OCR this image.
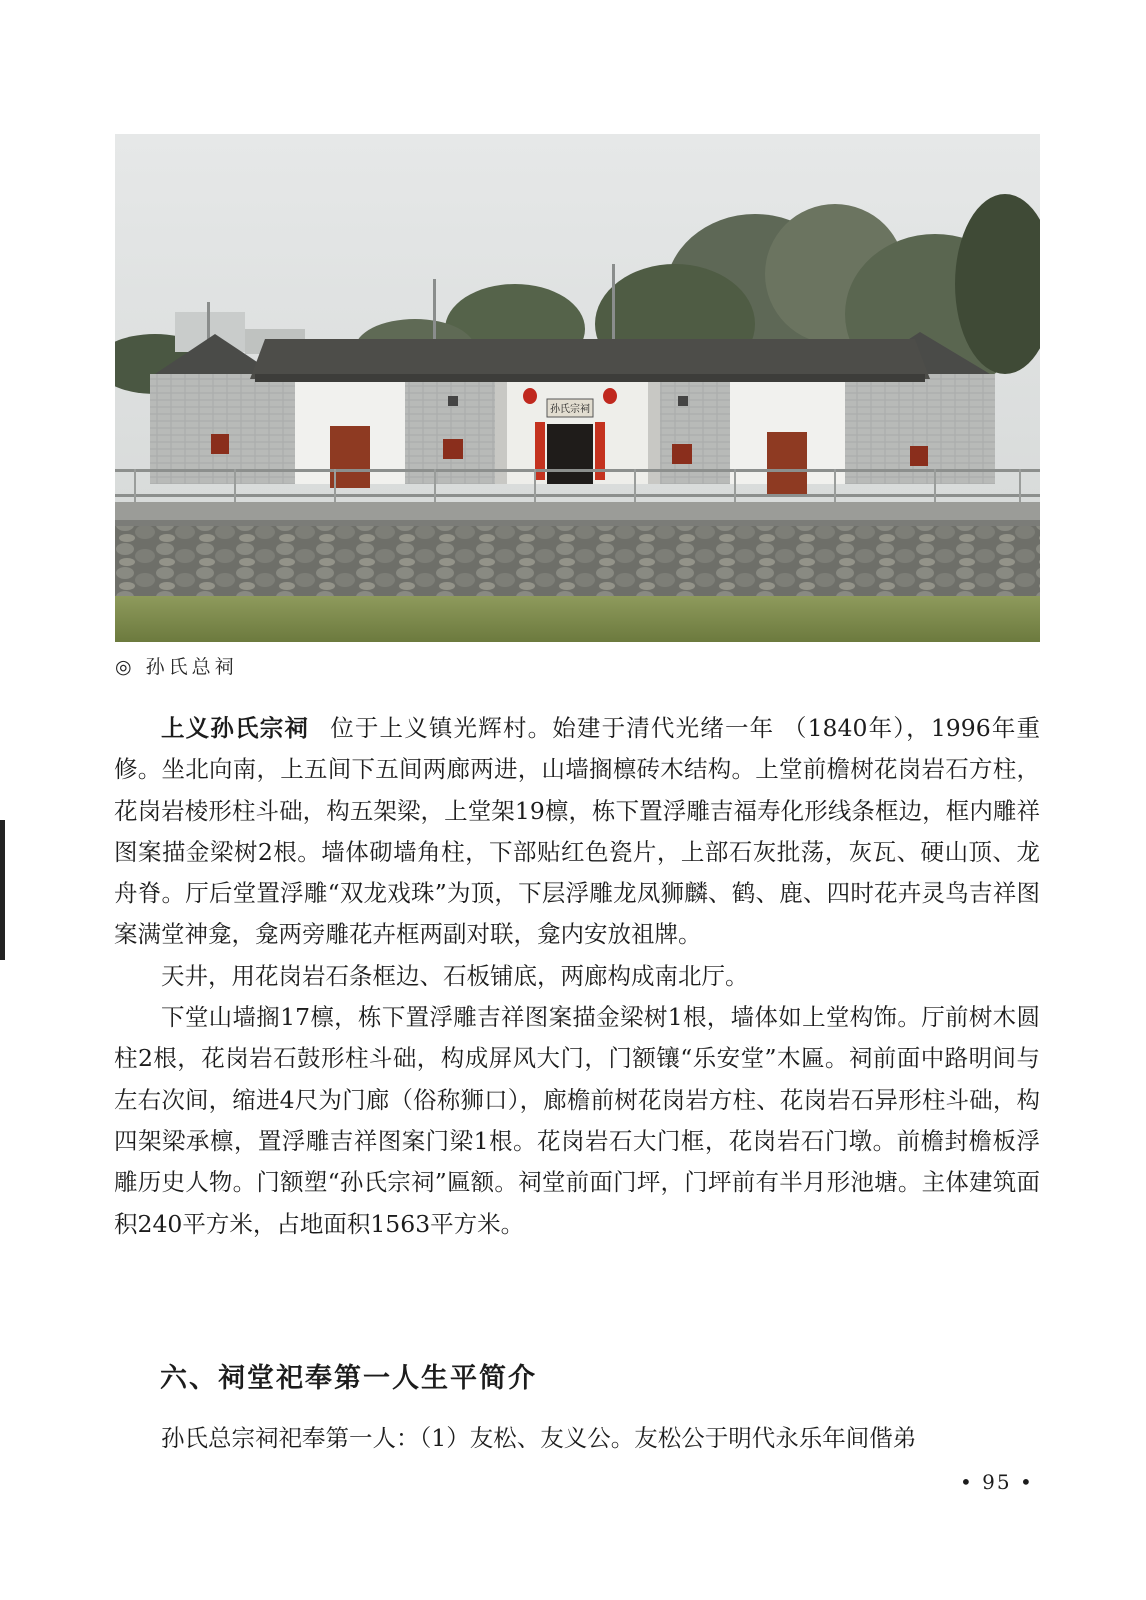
孙氏宗祠
◎ 孙氏总祠

上义孙氏宗祠 位于上义镇光辉村。始建于清代光绪一年 （1840年），1996年重修。坐北向南，上五间下五间两廊两进，山墙搁檩砖木结构。上堂前檐树花岗岩石方柱，花岗岩棱形柱斗础，构五架梁，上堂架19檩，栋下置浮雕吉福寿化形线条框边，框内雕祥图案描金梁树2根。墙体砌墙角柱，下部贴红色瓷片，上部石灰批荡，灰瓦、硬山顶、龙舟脊。厅后堂置浮雕“双龙戏珠”为顶，下层浮雕龙凤狮麟、鹤、鹿、四时花卉灵鸟吉祥图案满堂神龛，龛两旁雕花卉框两副对联，龛内安放祖牌。

天井，用花岗岩石条框边、石板铺底，两廊构成南北厅。

下堂山墙搁17檩，栋下置浮雕吉祥图案描金梁树1根，墙体如上堂构饰。厅前树木圆柱2根，花岗岩石鼓形柱斗础，构成屏风大门，门额镶“乐安堂”木匾。祠前面中路明间与左右次间，缩进4尺为门廊（俗称狮口），廊檐前树花岗岩方柱、花岗岩石异形柱斗础，构四架梁承檩，置浮雕吉祥图案门梁1根。花岗岩石大门框，花岗岩石门墩。前檐封檐板浮雕历史人物。门额塑“孙氏宗祠”匾额。祠堂前面门坪，门坪前有半月形池塘。主体建筑面积240平方米，占地面积1563平方米。

六、祠堂祀奉第一人生平简介

孙氏总宗祠祀奉第一人：（1）友松、友义公。友松公于明代永乐年间偕弟

• 95 •
